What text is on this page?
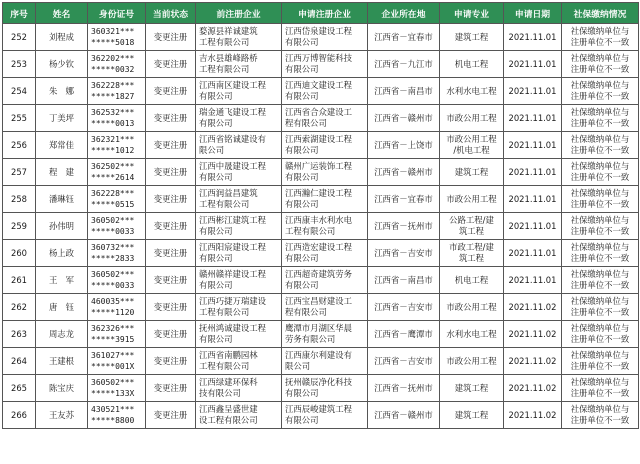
序号	姓名	身份证号	当前状态	前注册企业	申请注册企业	企业所在地	申请专业	申请日期	社保缴纳情况
252	刘程成	360321***
*****5018	变更注册	婺源县祥诚建筑
工程有限公司	江西岱泉建设工程
有限公司	江西省－宜春市	建筑工程	2021.11.01	社保缴纳单位与
注册单位不一致

253	杨少钦	362202***
*****0032	变更注册	吉水县雄峰路桥
工程有限公司	江西万博智能科技
有限公司	江西省－九江市	机电工程	2021.11.01	社保缴纳单位与
注册单位不一致

254	朱　娜	362228***
*****1827	变更注册	江西南区建设工程
有限公司	江西迪文建设工程
有限公司	江西省－南昌市	水利水电工程	2021.11.01	社保缴纳单位与
注册单位不一致

255	丁美坪	362532***
*****0013	变更注册	瑞金通飞建设工程
有限公司	江西省合众建设工
程有限公司	江西省－赣州市	市政公用工程	2021.11.01	社保缴纳单位与
注册单位不一致

256	郑常佳	362321***
*****1012	变更注册	江西省铭诚建设有
限公司	江西索湖建设工程
有限公司	江西省－上饶市	市政公用工程
/机电工程	2021.11.01	社保缴纳单位与
注册单位不一致

257	程　建	362502***
*****2614	变更注册	江西中晟建设工程
有限公司	赣州广运装饰工程
有限公司	江西省－赣州市	建筑工程	2021.11.01	社保缴纳单位与
注册单位不一致

258	潘琳钰	362228***
*****0515	变更注册	江西润益昌建筑
工程有限公司	江西瀚仁建设工程
有限公司	江西省－宜春市	市政公用工程	2021.11.01	社保缴纳单位与
注册单位不一致

259	孙伟明	360502***
*****0033	变更注册	江西彬江建筑工程
有限公司	江西康丰水利水电
工程有限公司	江西省－抚州市	公路工程/建
筑工程	2021.11.01	社保缴纳单位与
注册单位不一致

260	杨上政	360732***
*****2833	变更注册	江西阳宸建设工程
有限公司	江西造宏建设工程
有限公司	江西省－吉安市	市政工程/建
筑工程	2021.11.01	社保缴纳单位与
注册单位不一致

261	王　军	360502***
*****0033	变更注册	赣州赣祥建设工程
有限公司	江西超奇建筑劳务
有限公司	江西省－南昌市	机电工程	2021.11.01	社保缴纳单位与
注册单位不一致

262	唐　钰	460035***
*****1120	变更注册	江西巧捷万瑞建设
工程有限公司	江西宝昌财建设工
程有限公司	江西省－吉安市	市政公用工程	2021.11.02	社保缴纳单位与
注册单位不一致

263	周志龙	362326***
*****3915	变更注册	抚州鸿诚建设工程
有限公司	鹰潭市月湖区华晨
劳务有限公司	江西省－鹰潭市	水利水电工程	2021.11.02	社保缴纳单位与
注册单位不一致

264	王建根	361027***
*****001X	变更注册	江西省南鹏园林
工程有限公司	江西康尔利建设有
限公司	江西省－吉安市	市政公用工程	2021.11.02	社保缴纳单位与
注册单位不一致

265	陈宝庆	360502***
*****133X	变更注册	江西绿建环保科
技有限公司	抚州赣辰净化科技
有限公司	江西省－抚州市	建筑工程	2021.11.02	社保缴纳单位与
注册单位不一致

266	王友苏	430521***
*****8800	变更注册	江西鑫呈盛世建
设工程有限公司	江西辰峻建筑工程
有限公司	江西省－赣州市	建筑工程	2021.11.02	社保缴纳单位与
注册单位不一致
